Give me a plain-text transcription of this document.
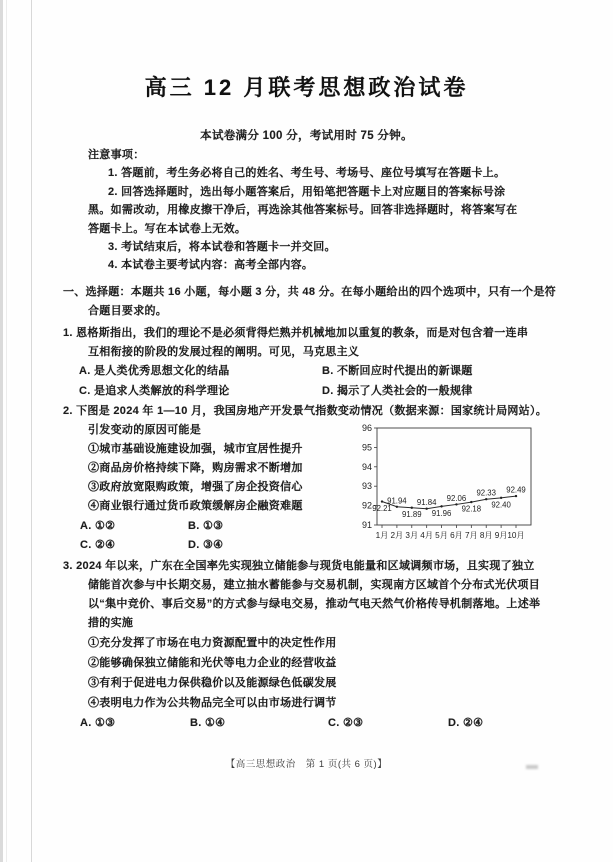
高三 12 月联考思想政治试卷
本试卷满分 100 分，考试用时 75 分钟。
注意事项：
1. 答题前，考生务必将自己的姓名、考生号、考场号、座位号填写在答题卡上。
2. 回答选择题时，选出每小题答案后，用铅笔把答题卡上对应题目的答案标号涂
黑。如需改动，用橡皮擦干净后，再选涂其他答案标号。回答非选择题时，将答案写在
答题卡上。写在本试卷上无效。
3. 考试结束后，将本试卷和答题卡一并交回。
4. 本试卷主要考试内容：高考全部内容。
一、选择题：本题共 16 小题，每小题 3 分，共 48 分。在每小题给出的四个选项中，只有一个是符
合题目要求的。
1. 恩格斯指出，我们的理论不是必须背得烂熟并机械地加以重复的教条，而是对包含着一连串
互相衔接的阶段的发展过程的阐明。可见，马克思主义
A. 是人类优秀思想文化的结晶	B. 不断回应时代提出的新课题
C. 是追求人类解放的科学理论	D. 揭示了人类社会的一般规律
2. 下图是 2024 年 1—10 月，我国房地产开发景气指数变动情况（数据来源：国家统计局网站）。
引发变动的原因可能是
①城市基础设施建设加强，城市宜居性提升
②商品房价格持续下降，购房需求不断增加
③政府放宽限购政策，增强了房企投资信心
④商业银行通过货币政策缓解房企融资难题
A. ①②	B. ①③
C. ②④	D. ③④
3. 2024 年以来，广东在全国率先实现独立储能参与现货电能量和区域调频市场，且实现了独立
储能首次参与中长期交易，建立抽水蓄能参与交易机制，实现南方区域首个分布式光伏项目
以“集中竞价、事后交易”的方式参与绿电交易，推动气电天然气价格传导机制落地。上述举
措的实施
①充分发挥了市场在电力资源配置中的决定性作用
②能够确保独立储能和光伏等电力企业的经营收益
③有利于促进电力保供稳价以及能源绿色低碳发展
④表明电力作为公共物品完全可以由市场进行调节
A. ①③	B. ①④	C. ②③	D. ②④
【高三思想政治　第 1 页(共 6 页)】
91
92
93
94
95
96
1月 2月 3月 4月 5月 6月 7月 8月 9月 10月
92.21
91.94
91.89
91.84
91.96
92.06
92.18
92.33
92.40
92.49
